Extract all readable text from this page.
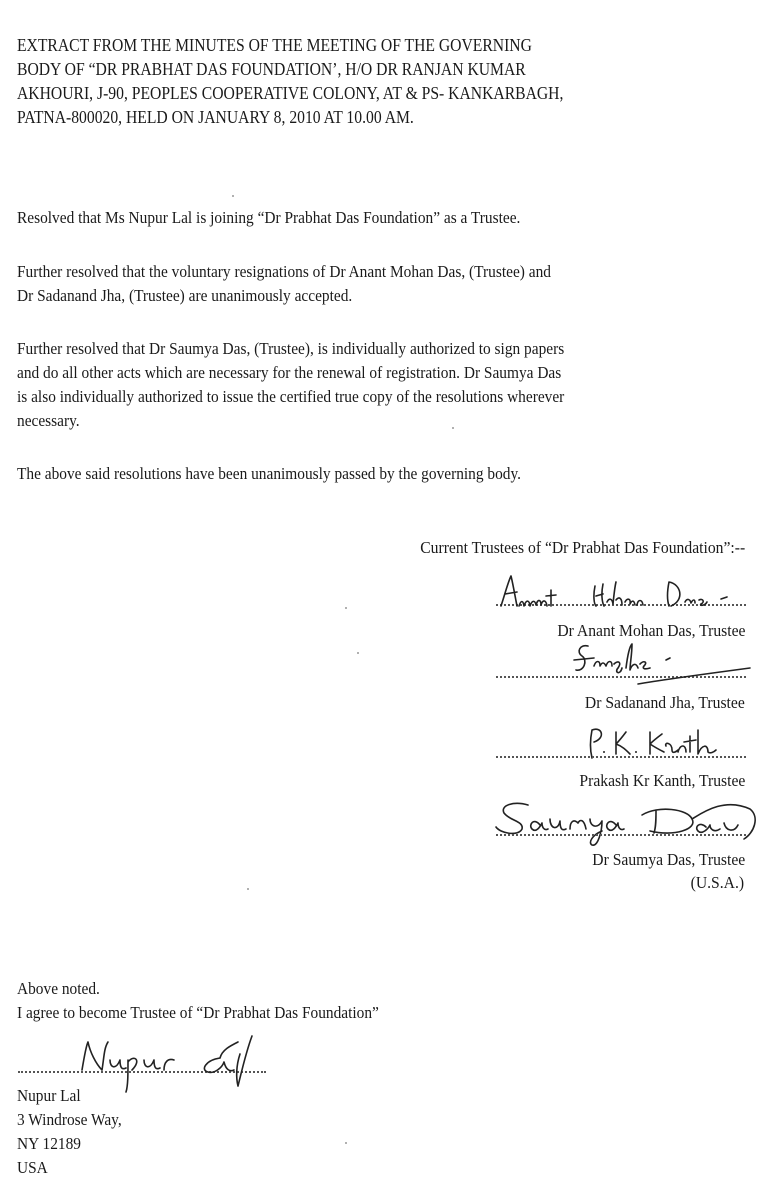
EXTRACT FROM THE MINUTES OF THE MEETING OF THE GOVERNING
BODY OF “DR PRABHAT DAS FOUNDATION’, H/O DR RANJAN KUMAR
AKHOURI, J-90, PEOPLES COOPERATIVE COLONY, AT & PS- KANKARBAGH,
PATNA-800020, HELD ON JANUARY 8, 2010 AT 10.00 AM.
Resolved that Ms Nupur Lal is joining “Dr Prabhat Das Foundation” as a Trustee.
Further resolved that the voluntary resignations of Dr Anant Mohan Das, (Trustee) and
Dr Sadanand Jha, (Trustee) are unanimously accepted.
Further resolved that Dr Saumya Das, (Trustee), is individually authorized to sign papers
and do all other acts which are necessary for the renewal of registration. Dr Saumya Das
is also individually authorized to issue the certified true copy of the resolutions wherever
necessary.
The above said resolutions have been unanimously passed by the governing body.
Current Trustees of “Dr Prabhat Das Foundation”:--
Dr Anant Mohan Das, Trustee
Dr Sadanand Jha, Trustee
Prakash Kr Kanth, Trustee
Dr Saumya Das, Trustee
(U.S.A.)
Above noted.
I agree to become Trustee of “Dr Prabhat Das Foundation”
Nupur Lal
3 Windrose Way,
NY 12189
USA
